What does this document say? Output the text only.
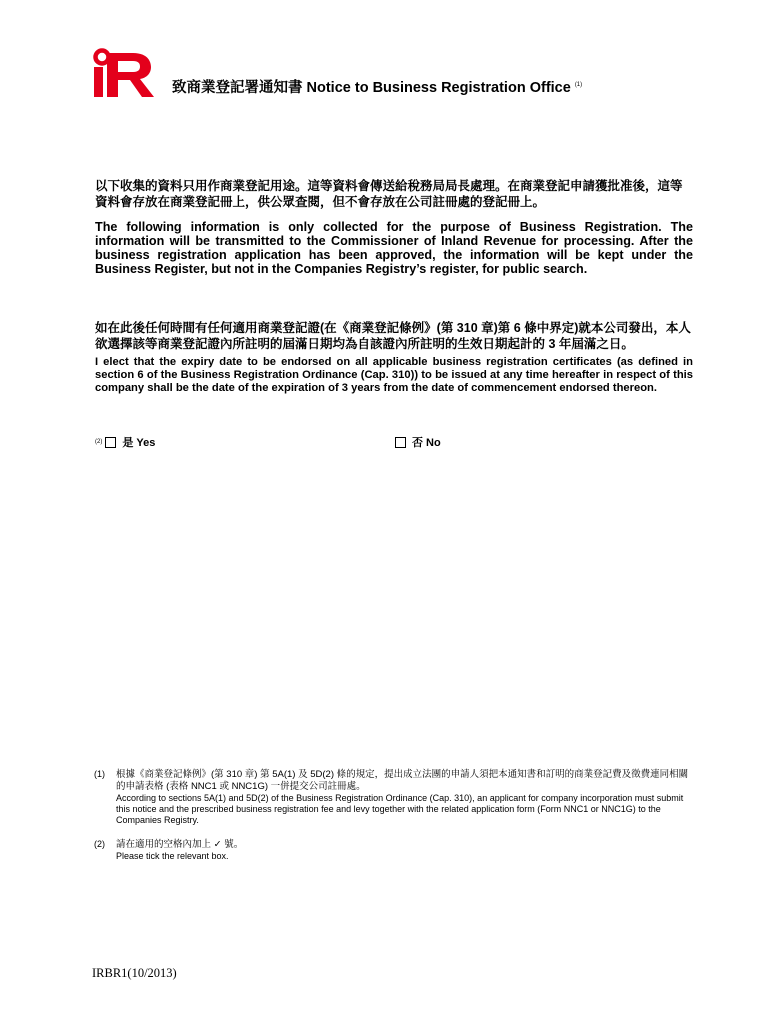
致商業登記署通知書 Notice to Business Registration Office $^{(1)}$
以下收集的資料只用作商業登記用途。這等資料會傳送給稅務局局長處理。在商業登記申請獲批准後，這等資料會存放在商業登記冊上，供公眾查閱，但不會存放在公司註冊處的登記冊上。
The following information is only collected for the purpose of Business Registration. The information will be transmitted to the Commissioner of Inland Revenue for processing. After the business registration application has been approved, the information will be kept under the Business Register, but not in the Companies Registry’s register, for public search.
如在此後任何時間有任何適用商業登記證(在《商業登記條例》(第 310 章)第 6 條中界定)就本公司發出，本人欲選擇該等商業登記證內所註明的屆滿日期均為自該證內所註明的生效日期起計的 3 年屆滿之日。
I elect that the expiry date to be endorsed on all applicable business registration certificates (as defined in section 6 of the Business Registration Ordinance (Cap. 310)) to be issued at any time hereafter in respect of this company shall be the date of the expiration of 3 years from the date of commencement endorsed thereon.
(2) 是 Yes	否 No
(1) 根據《商業登記條例》(第 310 章) 第 5A(1) 及 5D(2) 條的規定，提出成立法團的申請人須把本通知書和訂明的商業登記費及徵費連同相關的申請表格 (表格 NNC1 或 NNC1G) 一併提交公司註冊處。
According to sections 5A(1) and 5D(2) of the Business Registration Ordinance (Cap. 310), an applicant for company incorporation must submit this notice and the prescribed business registration fee and levy together with the related application form (Form NNC1 or NNC1G) to the Companies Registry.
(2) 請在適用的空格內加上 ✓ 號。
Please tick the relevant box.
IRBR1(10/2013)
